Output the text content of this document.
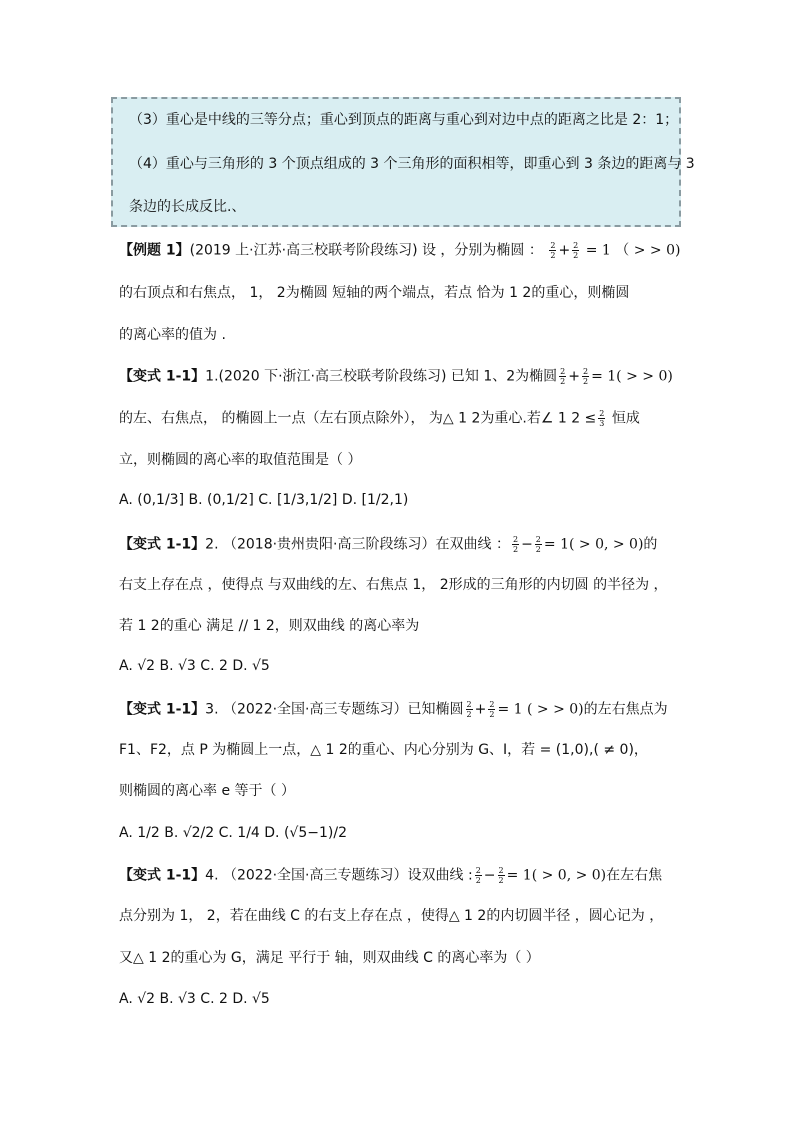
（3）重心是中线的三等分点；重心到顶点的距离与重心到对边中点的距离之比是 2：1；

（4）重心与三角形的 3 个顶点组成的 3 个三角形的面积相等，即重心到 3 条边的距离与 3

条边的长成反比.、

【例题 1】(2019 上·江苏·高三校联考阶段练习) 设 ，分别为椭圆 ： $\frac{2}{2} + \frac{2}{2} = 1$ （ > > 0)
的右顶点和右焦点， 1， 2为椭圆 短轴的两个端点，若点 恰为 1 2的重心，则椭圆
的离心率的值为 .
【变式 1-1】1.(2020 下·浙江·高三校联考阶段练习) 已知 1、2为椭圆 $\frac{2}{2} + \frac{2}{2} = 1$( > > 0)
的左、右焦点， 的椭圆上一点（左右顶点除外）， 为△ 1 2为重心.若∠ 1 $2 \le \frac{2}{3}$ 恒成
立，则椭圆的离心率的取值范围是（ ）
A. (0,1/3] B. (0,1/2] C. [1/3,1/2] D. [1/2,1)
【变式 1-1】2. （2018·贵州贵阳·高三阶段练习）在双曲线 ： $\frac{2}{2} - \frac{2}{2} = 1( > 0$, > 0)的
右支上存在点 ，使得点 与双曲线的左、右焦点 1， 2形成的三角形的内切圆 的半径为 ，
若 1 2的重心 满足 // 1 2，则双曲线 的离心率为
A. √2 B. √3 C. 2 D. √5
【变式 1-1】3. （2022·全国·高三专题练习）已知椭圆 $\frac{2}{2} + \frac{2}{2} = 1$ ( > > 0)的左右焦点为
F1、F2，点 P 为椭圆上一点，△ 1 2的重心、内心分别为 G、I，若 = (1,0),( ≠ 0)，
则椭圆的离心率 e 等于（ ）
A. 1/2 B. √2/2 C. 1/4 D. (√5−1)/2
【变式 1-1】4. （2022·全国·高三专题练习）设双曲线 : $\frac{2}{2} - \frac{2}{2} = 1( > 0$, > 0)在左右焦
点分别为 1， 2，若在曲线 C 的右支上存在点 ，使得△ 1 2的内切圆半径 ，圆心记为 ，
又△ 1 2的重心为 G，满足 平行于 轴，则双曲线 C 的离心率为（ ）
A. √2 B. √3 C. 2 D. √5
